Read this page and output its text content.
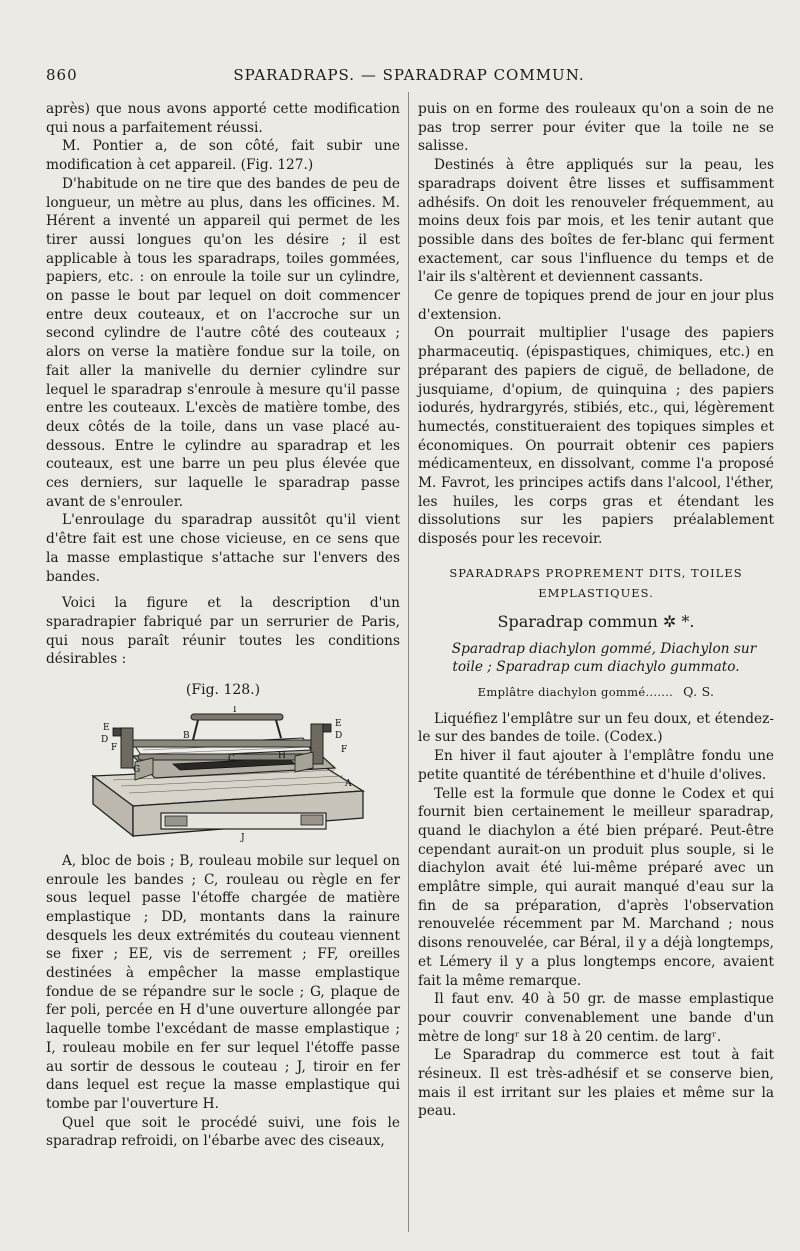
860	SPARADRAPS. — SPARADRAP COMMUN.

après) que nous avons apporté cette modification qui nous a parfaitement réussi.

M. Pontier a, de son côté, fait subir une modification à cet appareil. (Fig. 127.)

D'habitude on ne tire que des bandes de peu de longueur, un mètre au plus, dans les officines. M. Hérent a inventé un appareil qui permet de les tirer aussi longues qu'on les désire ; il est applicable à tous les sparadraps, toiles gommées, papiers, etc. : on enroule la toile sur un cylindre, on passe le bout par lequel on doit commencer entre deux couteaux, et on l'accroche sur un second cylindre de l'autre côté des couteaux ; alors on verse la matière fondue sur la toile, on fait aller la manivelle du dernier cylindre sur lequel le sparadrap s'enroule à mesure qu'il passe entre les couteaux. L'excès de matière tombe, des deux côtés de la toile, dans un vase placé au-dessous. Entre le cylindre au sparadrap et les couteaux, est une barre un peu plus élevée que ces derniers, sur laquelle le sparadrap passe avant de s'enrouler.

L'enroulage du sparadrap aussitôt qu'il vient d'être fait est une chose vicieuse, en ce sens que la masse emplastique s'attache sur l'envers des bandes.

Voici la figure et la description d'un sparadrapier fabriqué par un serrurier de Paris, qui nous paraît réunir toutes les conditions désirables :

(Fig. 128.)
I
E	E
F	F
D	D
B
C	H
A
G
J

A, bloc de bois ; B, rouleau mobile sur lequel on enroule les bandes ; C, rouleau ou règle en fer sous lequel passe l'étoffe chargée de matière emplastique ; DD, montants dans la rainure desquels les deux extrémités du couteau viennent se fixer ; EE, vis de serrement ; FF, oreilles destinées à empêcher la masse emplastique fondue de se répandre sur le socle ; G, plaque de fer poli, percée en H d'une ouverture allongée par laquelle tombe l'excédant de masse emplastique ; I, rouleau mobile en fer sur lequel l'étoffe passe au sortir de dessous le couteau ; J, tiroir en fer dans lequel est reçue la masse emplastique qui tombe par l'ouverture H.

Quel que soit le procédé suivi, une fois le sparadrap refroidi, on l'ébarbe avec des ciseaux,

puis on en forme des rouleaux qu'on a soin de ne pas trop serrer pour éviter que la toile ne se salisse.

Destinés à être appliqués sur la peau, les sparadraps doivent être lisses et suffisamment adhésifs. On doit les renouveler fréquemment, au moins deux fois par mois, et les tenir autant que possible dans des boîtes de fer-blanc qui ferment exactement, car sous l'influence du temps et de l'air ils s'altèrent et deviennent cassants.

Ce genre de topiques prend de jour en jour plus d'extension.

On pourrait multiplier l'usage des papiers pharmaceutiq. (épispastiques, chimiques, etc.) en préparant des papiers de ciguë, de belladone, de jusquiame, d'opium, de quinquina ; des papiers iodurés, hydrargyrés, stibiés, etc., qui, légèrement humectés, constitueraient des topiques simples et économiques. On pourrait obtenir ces papiers médicamenteux, en dissolvant, comme l'a proposé M. Favrot, les principes actifs dans l'alcool, l'éther, les huiles, les corps gras et étendant les dissolutions sur les papiers préalablement disposés pour les recevoir.

SPARADRAPS PROPREMENT DITS, TOILES
EMPLASTIQUES.
Sparadrap commun ✲ *.

Sparadrap diachylon gommé, Diachylon sur
toile ; Sparadrap cum diachylo gummato.

Emplâtre diachylon gommé....... Q. S.

Liquéfiez l'emplâtre sur un feu doux, et étendez-le sur des bandes de toile. (Codex.)

En hiver il faut ajouter à l'emplâtre fondu une petite quantité de térébenthine et d'huile d'olives.

Telle est la formule que donne le Codex et qui fournit bien certainement le meilleur sparadrap, quand le diachylon a été bien préparé. Peut-être cependant aurait-on un produit plus souple, si le diachylon avait été lui-même préparé avec un emplâtre simple, qui aurait manqué d'eau sur la fin de sa préparation, d'après l'observation renouvelée récemment par M. Marchand ; nous disons renouvelée, car Béral, il y a déjà longtemps, et Lémery il y a plus longtemps encore, avaient fait la même remarque.

Il faut env. 40 à 50 gr. de masse emplastique pour couvrir convenablement une bande d'un mètre de longʳ sur 18 à 20 centim. de largʳ.

Le Sparadrap du commerce est tout à fait résineux. Il est très-adhésif et se conserve bien, mais il est irritant sur les plaies et même sur la peau.
